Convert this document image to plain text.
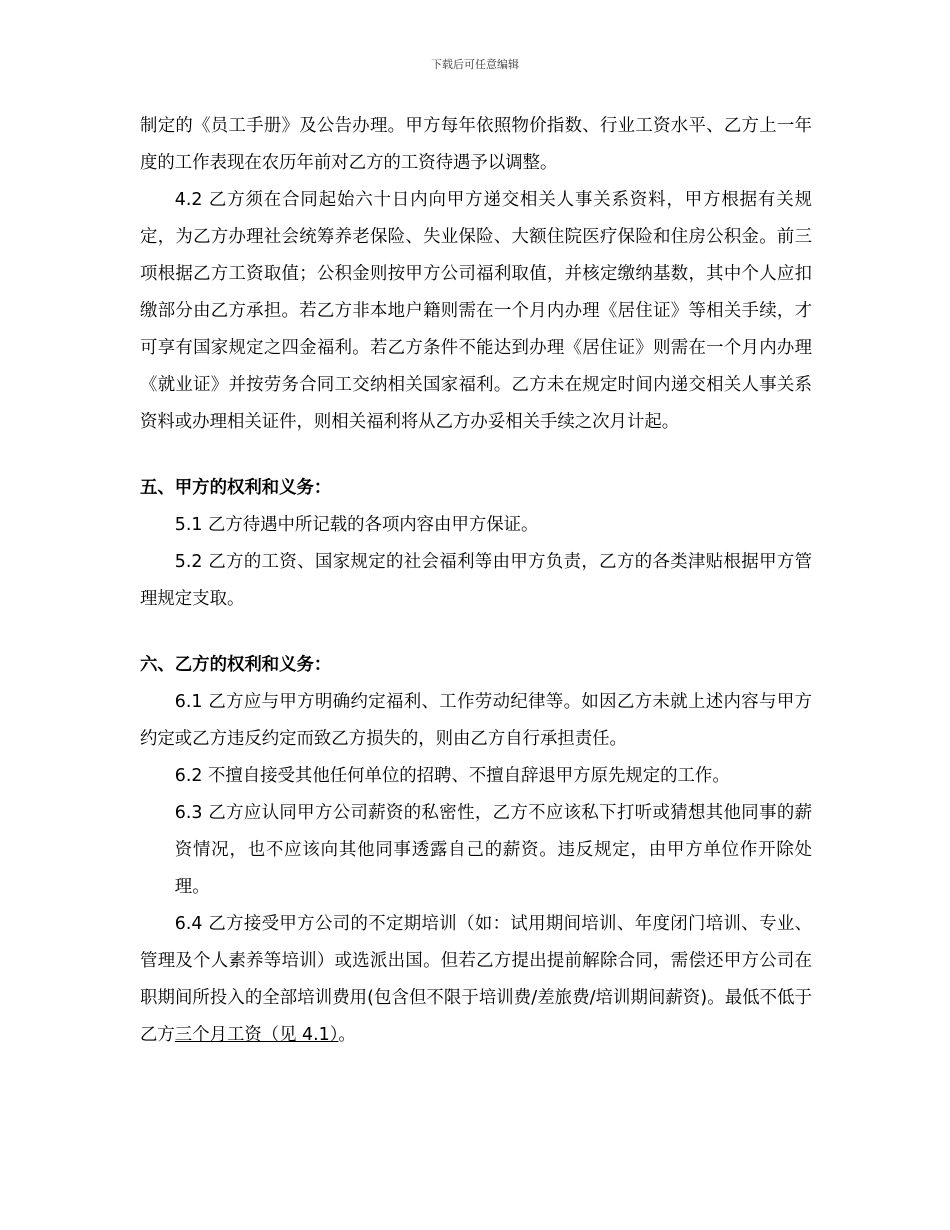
下载后可任意编辑

制定的《员工手册》及公告办理。甲方每年依照物价指数、行业工资水平、乙方上一年度的工作表现在农历年前对乙方的工资待遇予以调整。

4.2 乙方须在合同起始六十日内向甲方递交相关人事关系资料，甲方根据有关规定，为乙方办理社会统筹养老保险、失业保险、大额住院医疗保险和住房公积金。前三项根据乙方工资取值；公积金则按甲方公司福利取值，并核定缴纳基数，其中个人应扣缴部分由乙方承担。若乙方非本地户籍则需在一个月内办理《居住证》等相关手续，才可享有国家规定之四金福利。若乙方条件不能达到办理《居住证》则需在一个月内办理《就业证》并按劳务合同工交纳相关国家福利。乙方未在规定时间内递交相关人事关系资料或办理相关证件，则相关福利将从乙方办妥相关手续之次月计起。

五、甲方的权利和义务：

5.1 乙方待遇中所记载的各项内容由甲方保证。

5.2 乙方的工资、国家规定的社会福利等由甲方负责，乙方的各类津贴根据甲方管理规定支取。

六、乙方的权利和义务：

6.1 乙方应与甲方明确约定福利、工作劳动纪律等。如因乙方未就上述内容与甲方约定或乙方违反约定而致乙方损失的，则由乙方自行承担责任。

6.2 不擅自接受其他任何单位的招聘、不擅自辞退甲方原先规定的工作。

6.3 乙方应认同甲方公司薪资的私密性，乙方不应该私下打听或猜想其他同事的薪资情况，也不应该向其他同事透露自己的薪资。违反规定，由甲方单位作开除处理。

6.4 乙方接受甲方公司的不定期培训（如：试用期间培训、年度闭门培训、专业、管理及个人素养等培训）或选派出国。但若乙方提出提前解除合同，需偿还甲方公司在职期间所投入的全部培训费用(包含但不限于培训费/差旅费/培训期间薪资)。最低不低于乙方三个月工资（见 4.1）。
